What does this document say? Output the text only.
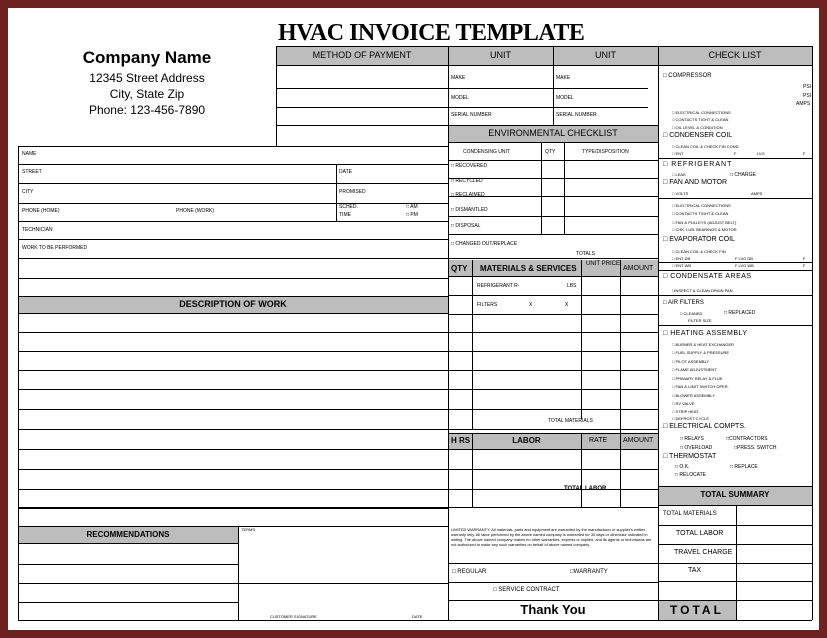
HVAC INVOICE TEMPLATE
Company Name
12345 Street Address
City, State Zip
Phone: 123-456-7890
METHOD OF PAYMENT	UNIT	UNIT	CHECK LIST
MAKE	MAKE
MODEL	MODEL
SERIAL NUMBER	SERIAL NUMBER
ENVIRONMENTAL CHECKLIST
CONDENSING UNIT	QTY	TYPE/DISPOSITION
□ RECOVERED
□ RECYCLED
□ RECLAIMED
□ DISMANTLED
□ DISPOSAL
□ CHANGED OUT/REPLACE
TOTALS
NAME
STREET	DATE
CITY	PROMISED
PHONE (HOME)	PHONE (WORK)
SCHED.
TIME
□ AM
□ PM
TECHNICIAN
WORK TO BE PERFORMED
DESCRIPTION OF WORK
QTY MATERIALS & SERVICES UNIT PRICE
AMOUNT
REFRIGERANT R-	LBS
FILTERS	X	X
TOTAL MATERIALS
H RS	LABOR	RATE AMOUNT
TOTAL LABOR
RECOMMENDATIONS
TERMS
CUSTOMER SIGNATURE	DATE
LIMITED WARRANTY: All materials, parts and equipment are warranted by the manufacturer or supplier's written warranty only. All labor performed by the above named company is warranted for 30 days or otherwise indicated in writing. The above named company makes no other warranties, express or implied, and its agents or technicians are not authorized to make any such warranties on behalf of above named company.
□ REGULAR	□WARRANTY
□ SERVICE CONTRACT
Thank You
TOTAL SUMMARY
TOTAL MATERIALS
TOTAL LABOR
TRAVEL CHARGE
TAX
TOTAL
□ COMPRESSOR
PSI
PSI
AMPS
□ ELECTRICAL CONNECTIONS
□ CONTACTS TIGHT & CLEAN
□ OIL LEVEL & CONDITION
□ CONDENSER COIL
□ CLEAN COIL & CHECK FIN COND.
□ ENT	F	LVG	F
□ REFRIGERANT
□ LEAK	□ CHARGE
□ FAN AND MOTOR
□ VOLTS	AMPS
□ ELECTRICAL CONNECTIONS
□ CONTACTS TIGHT & CLEAN
□ FAN & PULLEYS (ADJUST BELT)
□ CHK. LUB. BEARINGS & MOTOR
□ EVAPORATOR COIL
□ CLEAN COIL & CHECK FIN
□ ENT DB	F LVG DB	F
□ ENT WB	F LVG WB	F
□ CONDENSATE AREAS
□INSPECT & CLEAN DRAIN PAN
□ AIR FILTERS
□ CLEANED	□ REPLACED
FILTER SIZE
□ HEATING ASSEMBLY
□ BURNER & HEAT EXCHANGER
□ FUEL SUPPLY & PRESSURE
□ PILOT ASSEMBLY
□ FLAME ADJUSTMENT
□ PRIMARY RELAY & FLUE
□ FAN & LIMIT SWITCH OPER.
□ BLOWER ASSEMBLY
□ RV VALVE
□ STRIP HEAT
□ DEFROST CYCLE
□ ELECTRICAL COMPTS.
□ RELAYS	□CONTRACTORS
□ OVERLOAD	□PRESS. SWITCH
□ THERMOSTAT
□ O.K.	□ REPLACE
□ RELOCATE
